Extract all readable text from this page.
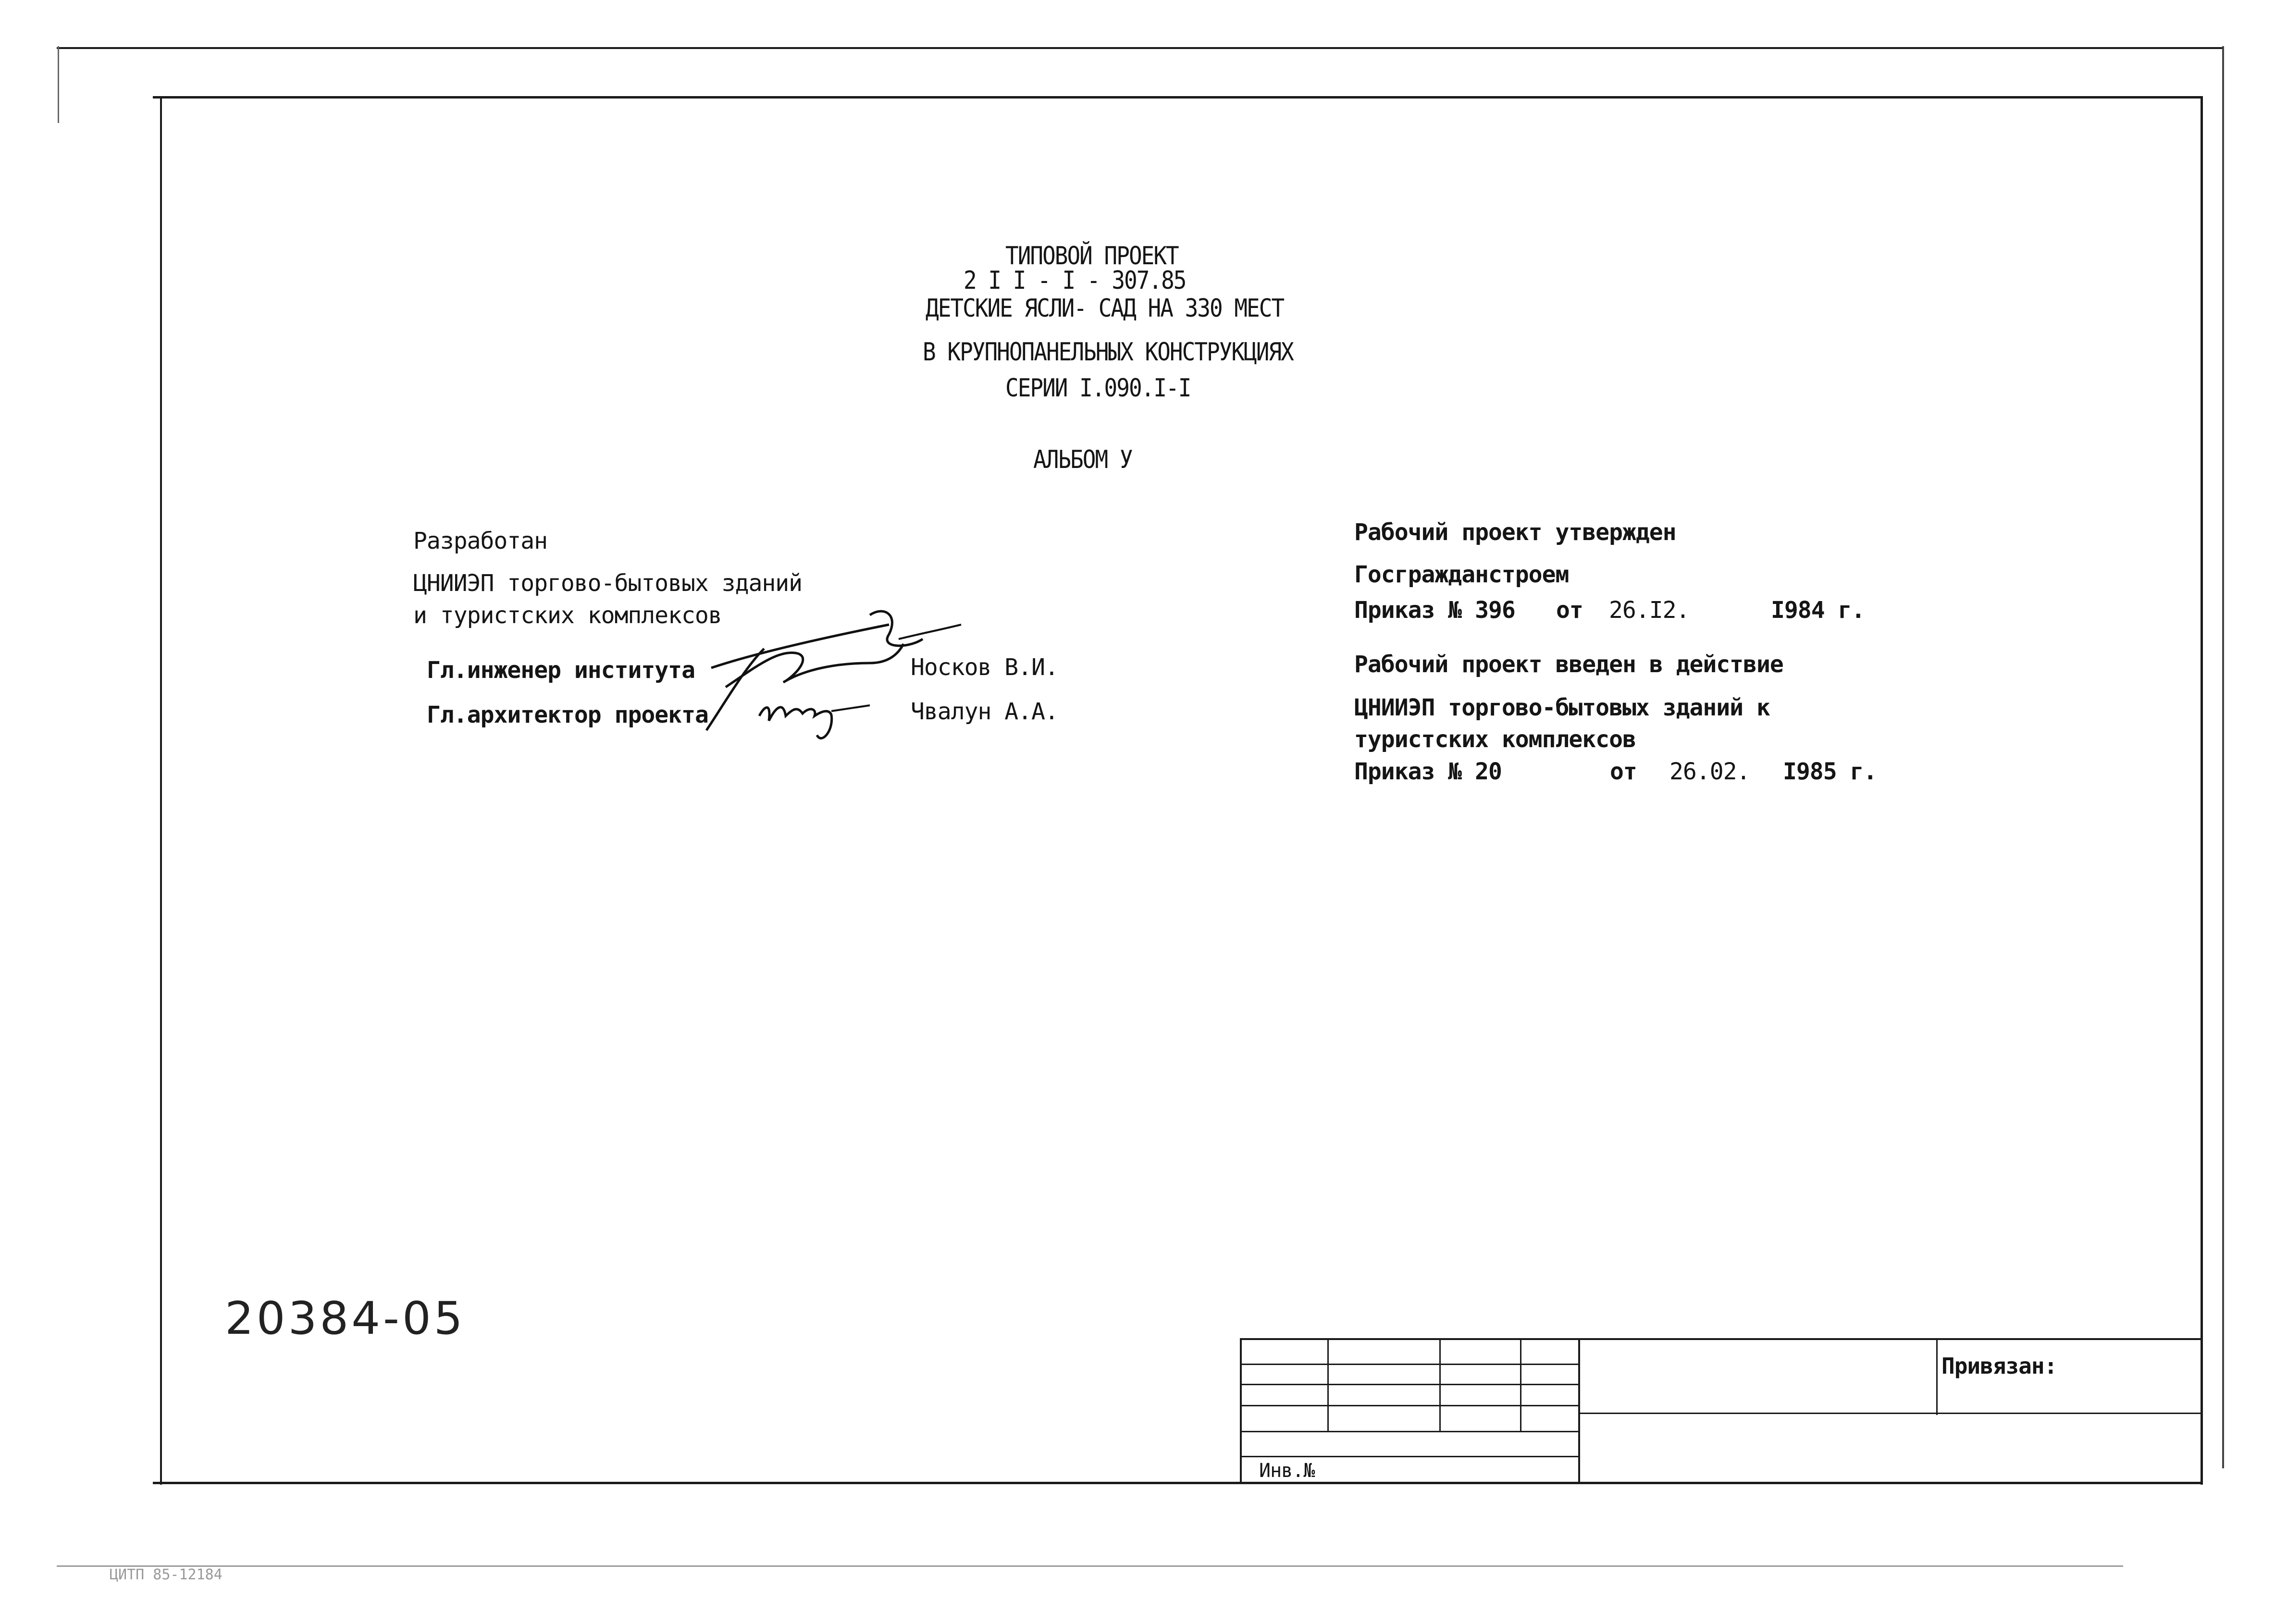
ТИПОВОЙ ПРОЕКТ
2 I I - I - 307.85
ДЕТСКИЕ ЯСЛИ- САД НА 330 МЕСТ
В КРУПНОПАНЕЛЬНЫХ КОНСТРУКЦИЯХ
СЕРИИ I.090.I-I
АЛЬБОМ У
Разработан
ЦНИИЭП торгово-бытовых зданий
и туристских комплексов
Гл.инженер института	Носков В.И.
Гл.архитектор проекта	Чвалун А.А.
Рабочий проект утвержден
Госгражданстроем
Приказ № 396 от 26.I2.	I984 г.
Рабочий проект введен в действие
ЦНИИЭП торгово-бытовых зданий к
туристских комплексов
Приказ № 20	от 26.02. I985 г.
20384-05
Инв.№
Привязан:
ЦИТП 85-12184
